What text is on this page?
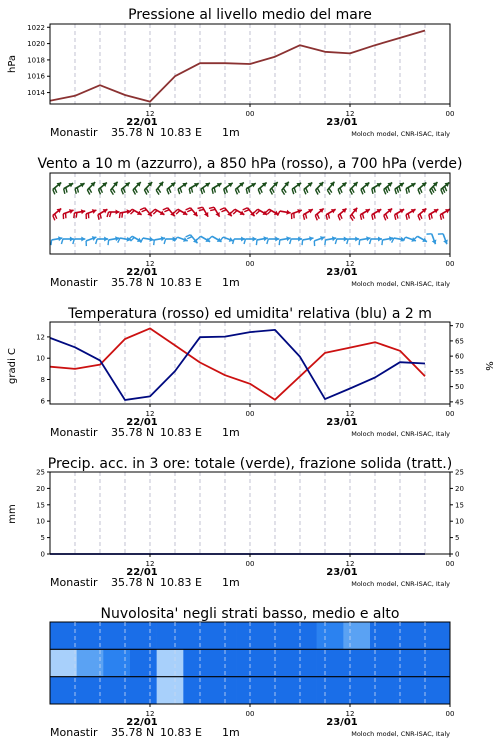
Pressione al livello medio del mare
Vento a 10 m (azzurro), a 850 hPa (rosso), a 700 hPa (verde)
Temperatura (rosso) ed umidita' relativa (blu) a 2 m
Precip. acc. in 3 ore: totale (verde), frazione solida (tratt.)
Nuvolosita' negli strati basso, medio e alto
hPa
gradi C	%
mm
12	00	12	00
22/01	23/01
Monastir 35.78 N 10.83 E 1m	Moloch model, CNR-ISAC, Italy
12	00	12	00
22/01	23/01
Monastir 35.78 N 10.83 E 1m	Moloch model, CNR-ISAC, Italy
12	00	12	00
22/01	23/01
Monastir 35.78 N 10.83 E 1m	Moloch model, CNR-ISAC, Italy
12	00	12	00
22/01	23/01
Monastir 35.78 N 10.83 E 1m	Moloch model, CNR-ISAC, Italy
12	00	12	00
22/01	23/01
Monastir 35.78 N 10.83 E 1m	Moloch model, CNR-ISAC, Italy
1014
1016
1018
1020
1022
6
8
10
12
45
50
55
60
65
70
0
5
10
15
20
25
0
5
10
15
20
25
